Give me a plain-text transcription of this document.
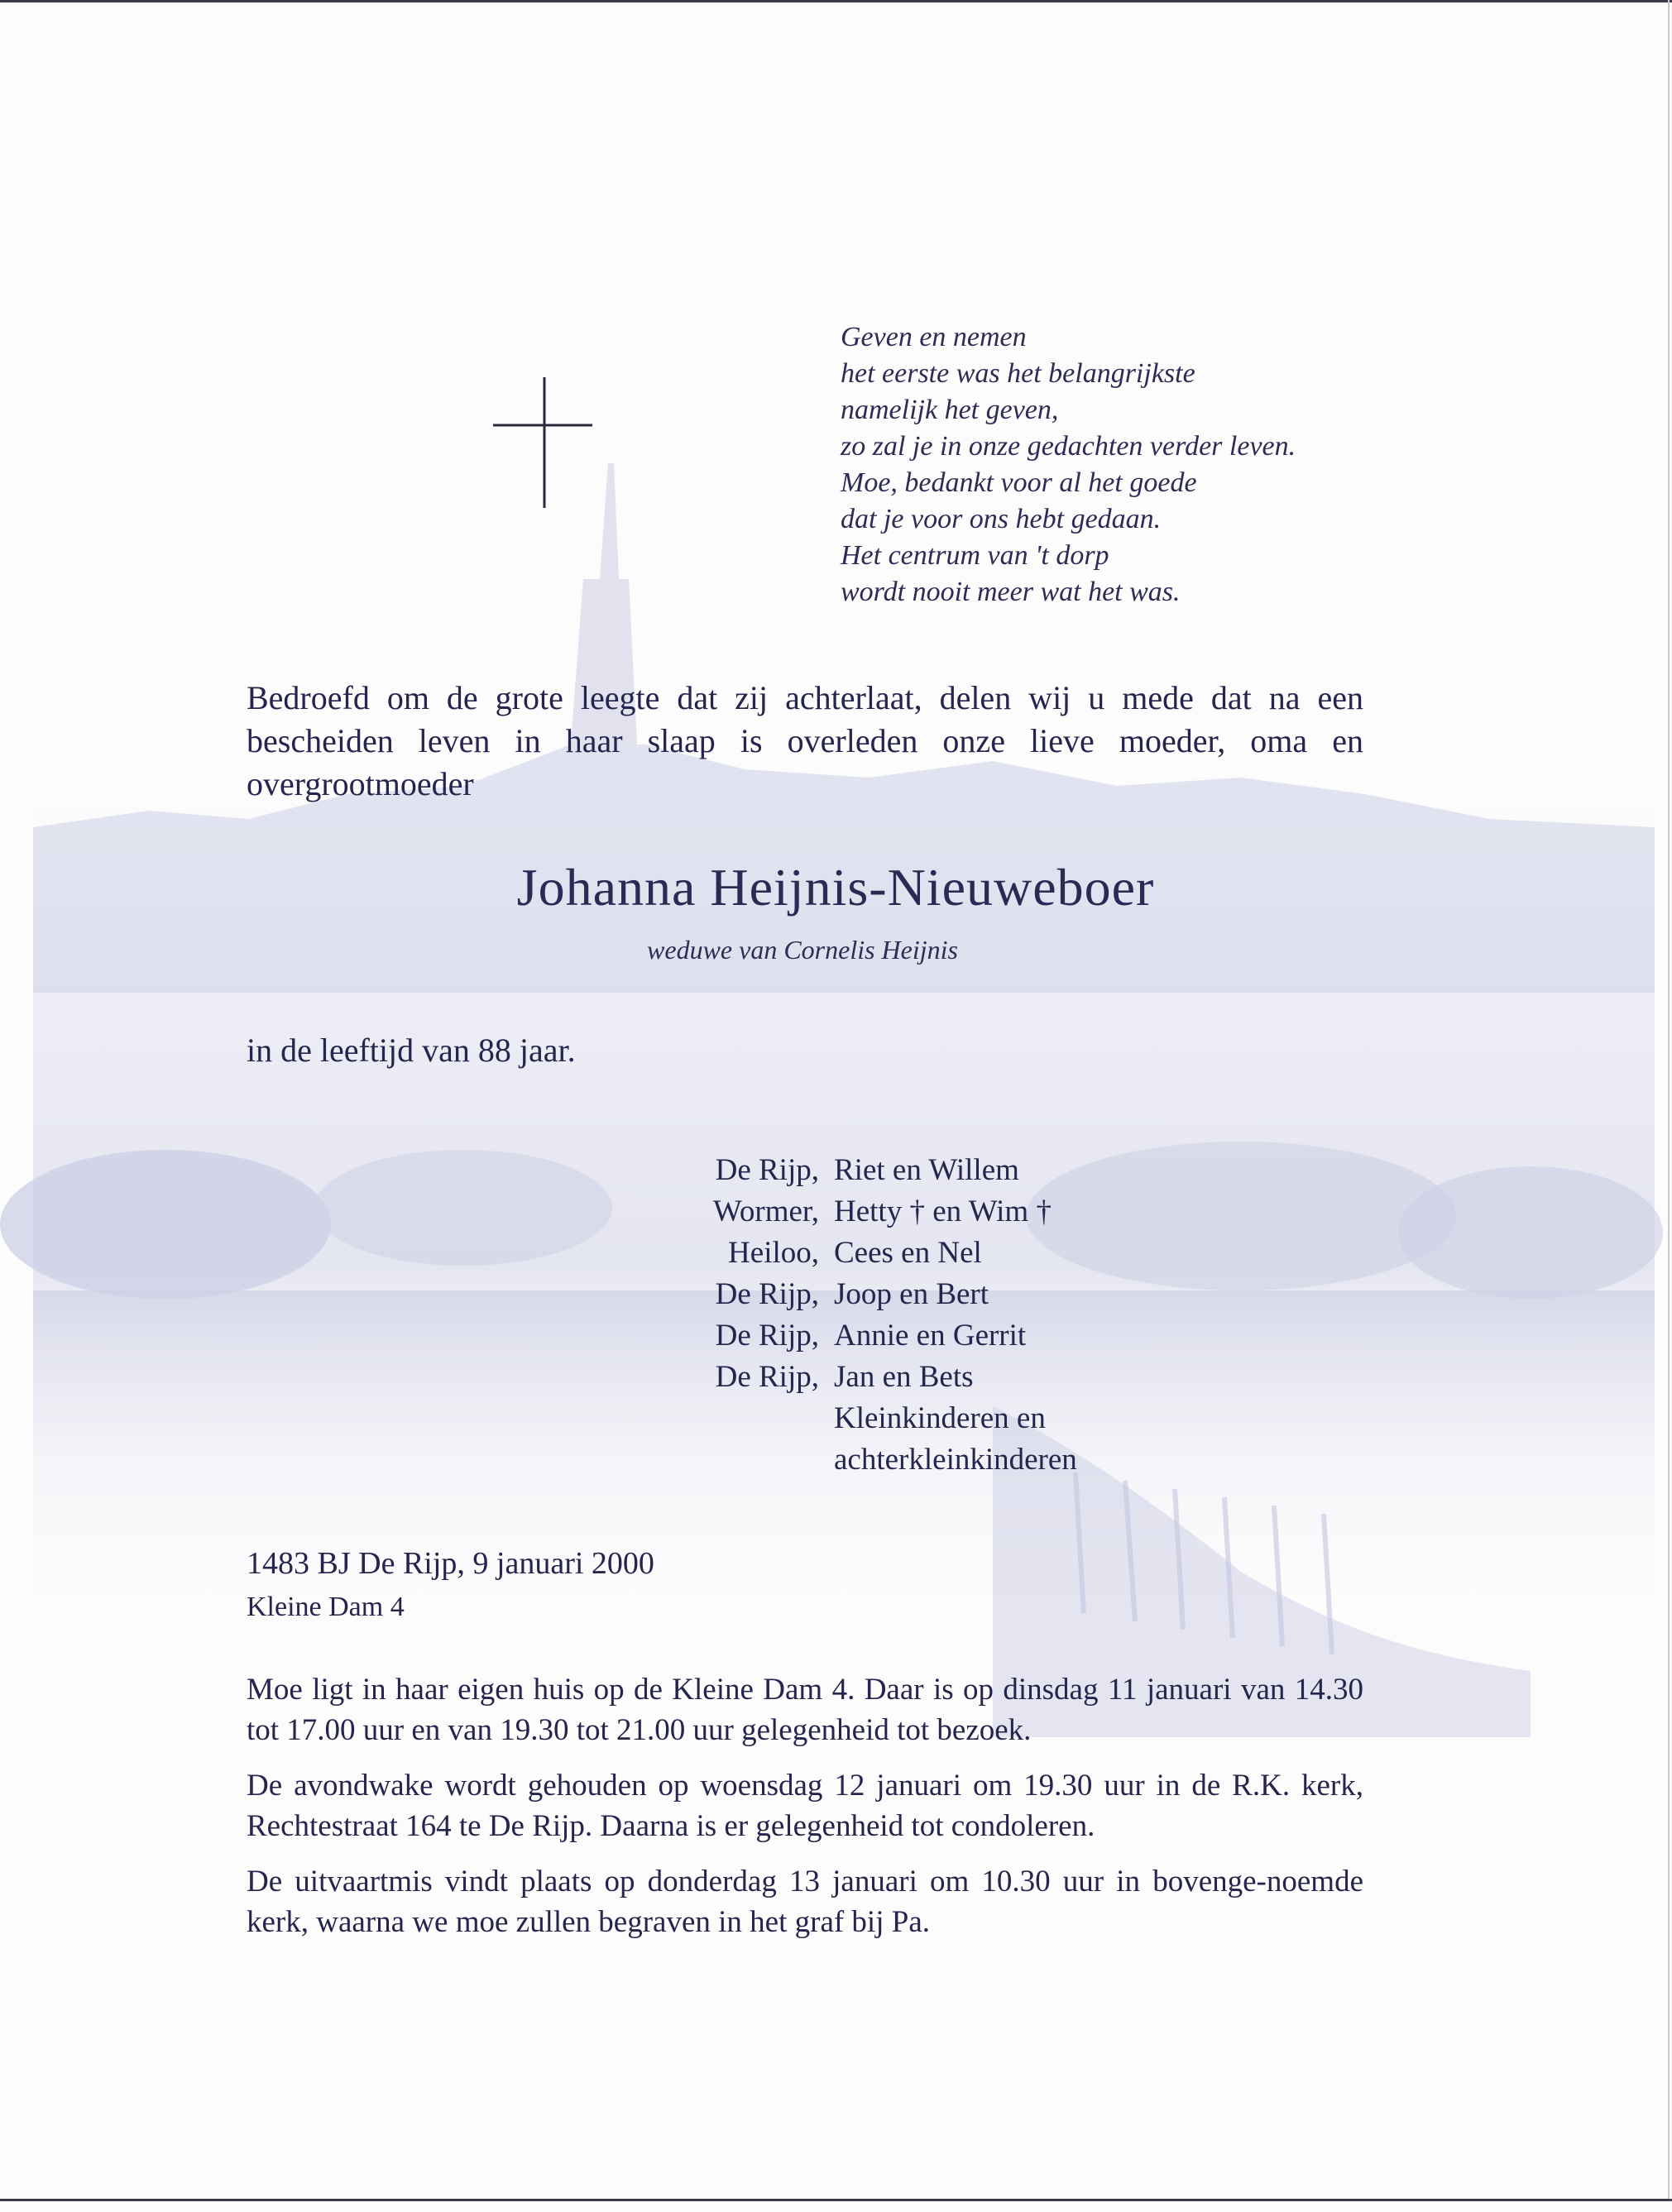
Geven en nemen
het eerste was het belangrijkste
namelijk het geven,
zo zal je in onze gedachten verder leven.
Moe, bedankt voor al het goede
dat je voor ons hebt gedaan.
Het centrum van 't dorp
wordt nooit meer wat het was.
Bedroefd om de grote leegte dat zij achterlaat, delen wij u mede dat na een bescheiden leven in haar slaap is overleden onze lieve moeder, oma en overgrootmoeder
Johanna Heijnis-Nieuweboer
weduwe van Cornelis Heijnis
in de leeftijd van 88 jaar.
De Rijp, Riet en Willem
Wormer, Hetty † en Wim †
Heiloo, Cees en Nel
De Rijp, Joop en Bert
De Rijp, Annie en Gerrit
De Rijp, Jan en Bets
Kleinkinderen en
achterkleinkinderen
1483 BJ De Rijp, 9 januari 2000
Kleine Dam 4

Moe ligt in haar eigen huis op de Kleine Dam 4. Daar is op dinsdag 11 januari van 14.30 tot 17.00 uur en van 19.30 tot 21.00 uur gelegenheid tot bezoek.

De avondwake wordt gehouden op woensdag 12 januari om 19.30 uur in de R.K. kerk, Rechtestraat 164 te De Rijp. Daarna is er gelegenheid tot condoleren.

De uitvaartmis vindt plaats op donderdag 13 januari om 10.30 uur in bovenge-noemde kerk, waarna we moe zullen begraven in het graf bij Pa.
